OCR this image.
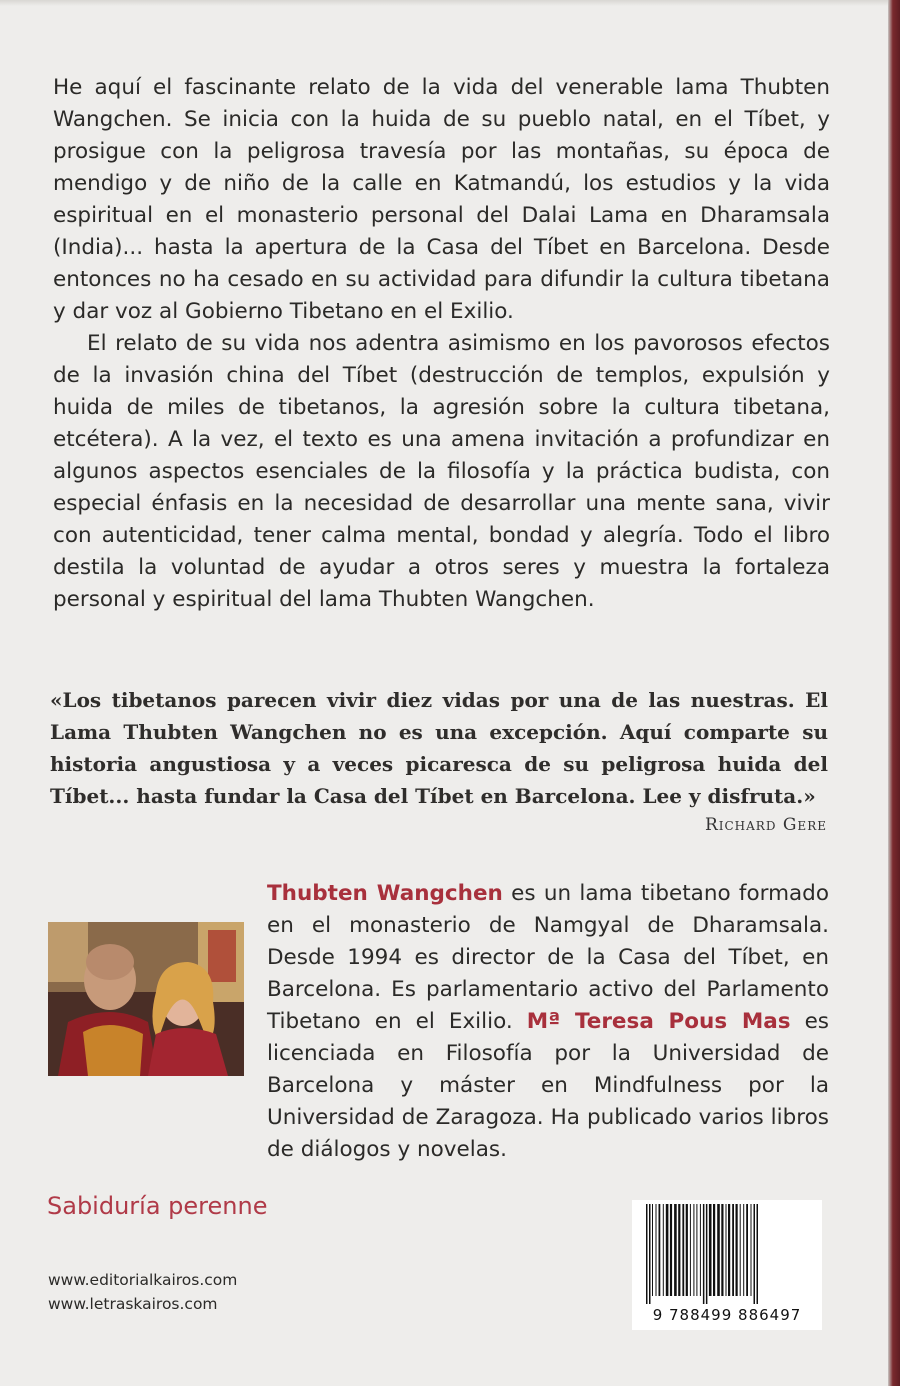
He aquí el fascinante relato de la vida del venerable lama Thubten Wangchen. Se inicia con la huida de su pueblo natal, en el Tíbet, y prosigue con la peligrosa travesía por las montañas, su época de mendigo y de niño de la calle en Katmandú, los estudios y la vida espiritual en el monasterio personal del Dalai Lama en Dharamsala (India)... hasta la apertura de la Casa del Tíbet en Barcelona. Desde entonces no ha cesado en su actividad para difundir la cultura tibetana y dar voz al Gobierno Tibetano en el Exilio.

El relato de su vida nos adentra asimismo en los pavorosos efectos de la invasión china del Tíbet (destrucción de templos, expulsión y huida de miles de tibetanos, la agresión sobre la cultura tibetana, etcétera). A la vez, el texto es una amena invitación a profundizar en algunos aspectos esenciales de la filosofía y la práctica budista, con especial énfasis en la necesidad de desarrollar una mente sana, vivir con autenticidad, tener calma mental, bondad y alegría. Todo el libro destila la voluntad de ayudar a otros seres y muestra la fortaleza personal y espiritual del lama Thubten Wangchen.

«Los tibetanos parecen vivir diez vidas por una de las nuestras. El Lama Thubten Wangchen no es una excepción. Aquí comparte su historia angustiosa y a veces picaresca de su peligrosa huida del Tíbet... hasta fundar la Casa del Tíbet en Barcelona. Lee y disfruta.»

Richard Gere

Thubten Wangchen es un lama tibetano formado en el monasterio de Namgyal de Dharamsala. Desde 1994 es director de la Casa del Tíbet, en Barcelona. Es parlamentario activo del Parlamento Tibetano en el Exilio. Mª Teresa Pous Mas es licenciada en Filosofía por la Universidad de Barcelona y máster en Mindfulness por la Universidad de Zaragoza. Ha publicado varios libros de diálogos y novelas.

Sabiduría perenne
www.editorialkairos.com
www.letraskairos.com
9 788499 886497
